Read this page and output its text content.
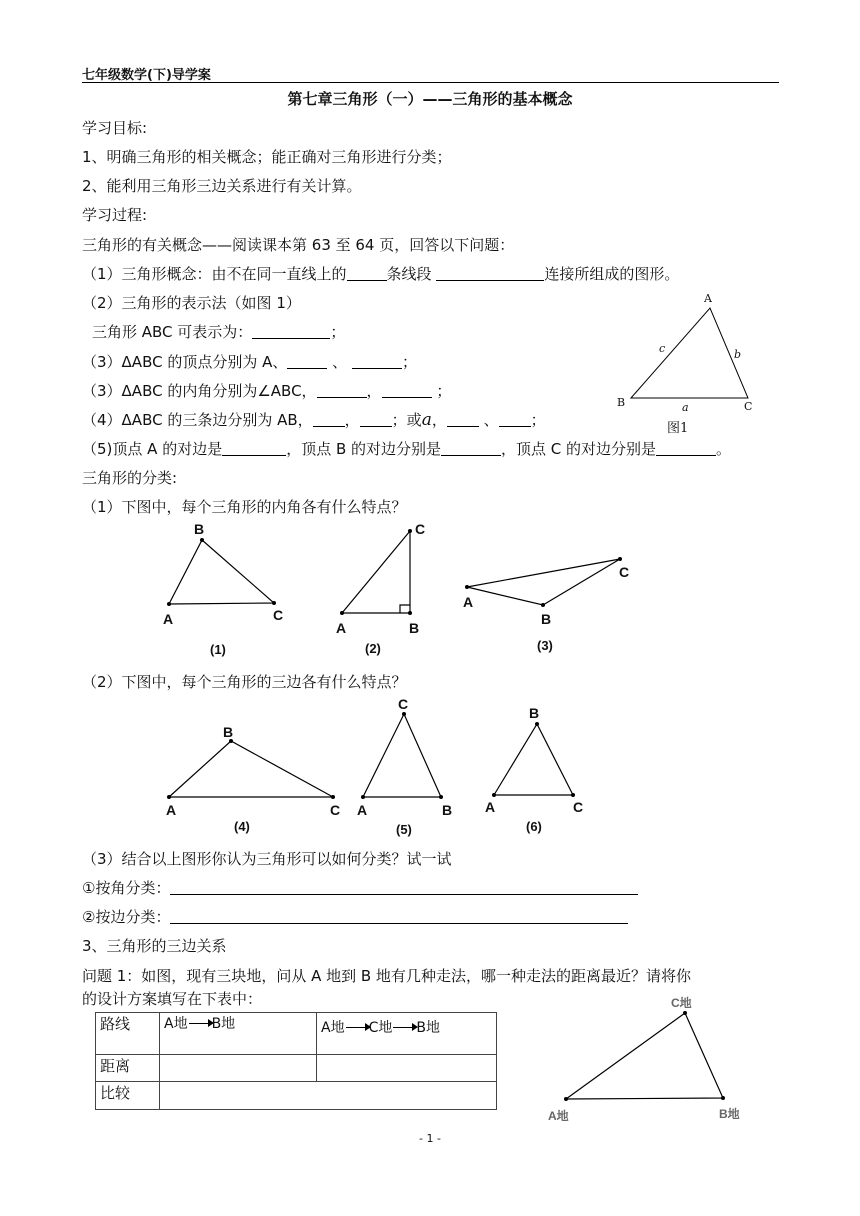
七年级数学(下)导学案
第七章三角形（一）——三角形的基本概念
学习目标:
1、明确三角形的相关概念；能正确对三角形进行分类；
2、能利用三角形三边关系进行有关计算。
学习过程:
三角形的有关概念——阅读课本第 63 至 64 页，回答以下问题：
（1）三角形概念：由不在同一直线上的	条线段	连接所组成的图形。
（2）三角形的表示法（如图 1）
三角形 ABC 可表示为：	；
（3）ΔABC 的顶点分别为 A、	、	；
（3）ΔABC 的内角分别为∠ABC，	，	；
（4）ΔABC 的三条边分别为 AB， ， ；或a， 、 ；
（5)顶点 A 的对边是	，顶点 B 的对边分别是	，顶点 C 的对边分别是	。
三角形的分类:
（1）下图中，每个三角形的内角各有什么特点？
（2）下图中，每个三角形的三边各有什么特点？
（3）结合以上图形你认为三角形可以如何分类？试一试
①按角分类：
②按边分类：
3、三角形的三边关系
问题 1：如图，现有三块地，问从 A 地到 B 地有几种走法，哪一种走法的距离最近？请将你
的设计方案填写在下表中：
路线	A地 B地	A地 C地 B地
距离		
比较		
- 1 -
A
B	C
c	b
a
图1
B
A	C
(1)
C
A	B
(2)
C
A
B
(3)
B
A	C
(4)
C
A	B
(5)
B
A	C
(6)
C地
A地	B地
